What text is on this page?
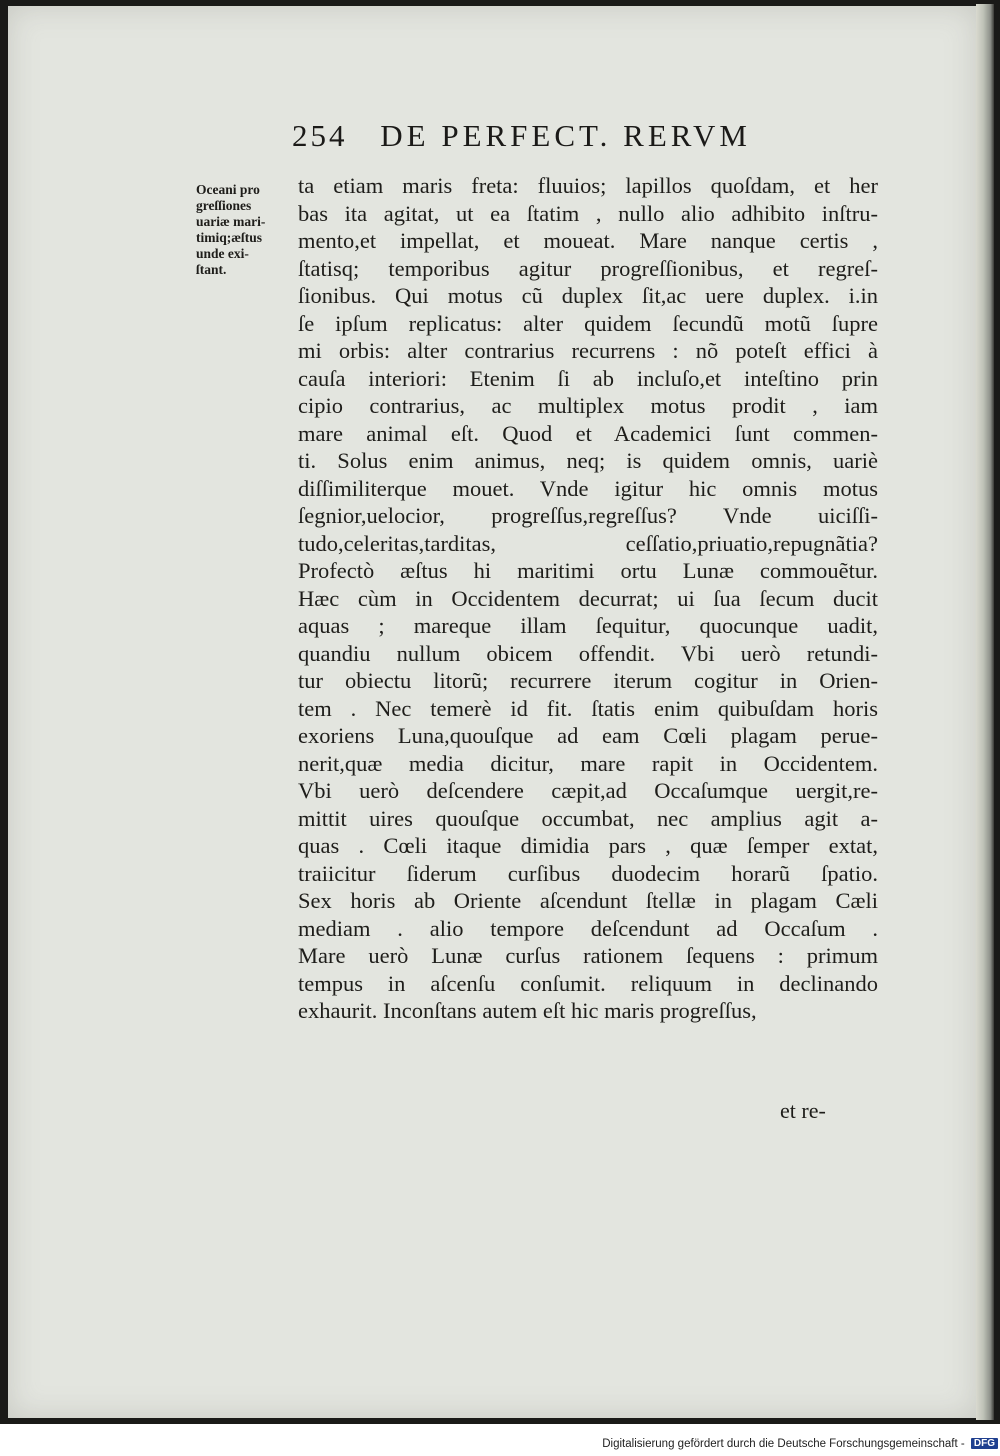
254 DE PERFECT. RERVM
Oceani pro
greſſiones
uariæ mari-
timiq;æſtus
unde exi-
ſtant.
ta etiam maris freta: fluuios; lapillos quoſdam, et her
bas ita agitat, ut ea ſtatim , nullo alio adhibito inſtru-
mento,et impellat, et moueat. Mare nanque certis ,
ſtatisq; temporibus agitur progreſſionibus, et regreſ-
ſionibus. Qui motus cũ duplex ſit,ac uere duplex. i.in
ſe ipſum replicatus: alter quidem ſecundũ motũ ſupre
mi orbis: alter contrarius recurrens : nõ poteſt effici à
cauſa interiori: Etenim ſi ab incluſo,et inteſtino prin
cipio contrarius, ac multiplex motus prodit , iam
mare animal eſt. Quod et Academici ſunt commen-
ti. Solus enim animus, neq; is quidem omnis, uariè
diſſimiliterque mouet. Vnde igitur hic omnis motus
ſegnior,uelocior, progreſſus,regreſſus? Vnde uiciſſi-
tudo,celeritas,tarditas, ceſſatio,priuatio,repugnãtia?
Profectò æſtus hi maritimi ortu Lunæ commouẽtur.
Hæc cùm in Occidentem decurrat; ui ſua ſecum ducit
aquas ; mareque illam ſequitur, quocunque uadit,
quandiu nullum obicem offendit. Vbi uerò retundi-
tur obiectu litorũ; recurrere iterum cogitur in Orien-
tem . Nec temerè id fit. ſtatis enim quibuſdam horis
exoriens Luna,quouſque ad eam Cœli plagam perue-
nerit,quæ media dicitur, mare rapit in Occidentem.
Vbi uerò deſcendere cæpit,ad Occaſumque uergit,re-
mittit uires quouſque occumbat, nec amplius agit a-
quas . Cœli itaque dimidia pars , quæ ſemper extat,
traiicitur ſiderum curſibus duodecim horarũ ſpatio.
Sex horis ab Oriente aſcendunt ſtellæ in plagam Cæli
mediam . alio tempore deſcendunt ad Occaſum .
Mare uerò Lunæ curſus rationem ſequens : primum
tempus in aſcenſu conſumit. reliquum in declinando
exhaurit. Inconſtans autem eſt hic maris progreſſus,
et re-
Digitalisierung gefördert durch die Deutsche Forschungsgemeinschaft - DFG
